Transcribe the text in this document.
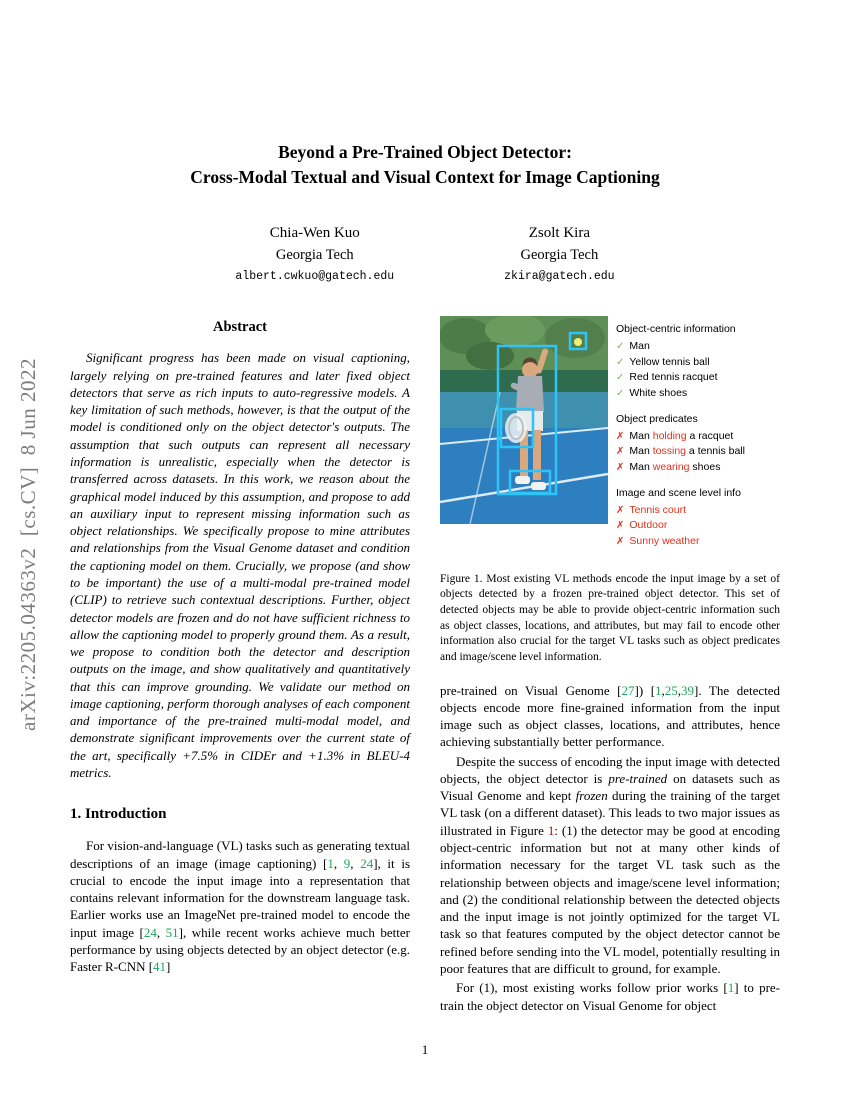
arXiv:2205.04363v2  [cs.CV]  8 Jun 2022
Beyond a Pre-Trained Object Detector:
Cross-Modal Textual and Visual Context for Image Captioning
Chia-Wen Kuo
Georgia Tech
albert.cwkuo@gatech.edu
Zsolt Kira
Georgia Tech
zkira@gatech.edu
Abstract

Significant progress has been made on visual captioning, largely relying on pre-trained features and later fixed object detectors that serve as rich inputs to auto-regressive models. A key limitation of such methods, however, is that the output of the model is conditioned only on the object detector's outputs. The assumption that such outputs can represent all necessary information is unrealistic, especially when the detector is transferred across datasets. In this work, we reason about the graphical model induced by this assumption, and propose to add an auxiliary input to represent missing information such as object relationships. We specifically propose to mine attributes and relationships from the Visual Genome dataset and condition the captioning model on them. Crucially, we propose (and show to be important) the use of a multi-modal pre-trained model (CLIP) to retrieve such contextual descriptions. Further, object detector models are frozen and do not have sufficient richness to allow the captioning model to properly ground them. As a result, we propose to condition both the detector and description outputs on the image, and show qualitatively and quantitatively that this can improve grounding. We validate our method on image captioning, perform thorough analyses of each component and importance of the pre-trained multi-modal model, and demonstrate significant improvements over the current state of the art, specifically +7.5% in CIDEr and +1.3% in BLEU-4 metrics.

1. Introduction

For vision-and-language (VL) tasks such as generating textual descriptions of an image (image captioning) [1, 9, 24], it is crucial to encode the input image into a representation that contains relevant information for the downstream language task. Earlier works use an ImageNet pre-trained model to encode the input image [24, 51], while recent works achieve much better performance by using objects detected by an object detector (e.g. Faster R-CNN [41]

Object-centric information
✓ Man
✓ Yellow tennis ball
✓ Red tennis racquet
✓ White shoes
Object predicates
✗ Man holding a racquet
✗ Man tossing a tennis ball
✗ Man wearing shoes
Image and scene level info
✗ Tennis court
✗ Outdoor
✗ Sunny weather

Figure 1. Most existing VL methods encode the input image by a set of objects detected by a frozen pre-trained object detector. This set of detected objects may be able to provide object-centric information such as object classes, locations, and attributes, but may fail to encode other information also crucial for the target VL tasks such as object predicates and image/scene level information.

pre-trained on Visual Genome [27]) [1,25,39]. The detected objects encode more fine-grained information from the input image such as object classes, locations, and attributes, hence achieving substantially better performance.

Despite the success of encoding the input image with detected objects, the object detector is pre-trained on datasets such as Visual Genome and kept frozen during the training of the target VL task (on a different dataset). This leads to two major issues as illustrated in Figure 1: (1) the detector may be good at encoding object-centric information but not at many other kinds of information necessary for the target VL task such as the relationship between objects and image/scene level information; and (2) the conditional relationship between the detected objects and the input image is not jointly optimized for the target VL task so that features computed by the object detector cannot be refined before sending into the VL model, potentially resulting in poor features that are difficult to ground, for example.

For (1), most existing works follow prior works [1] to pre-train the object detector on Visual Genome for object

1
